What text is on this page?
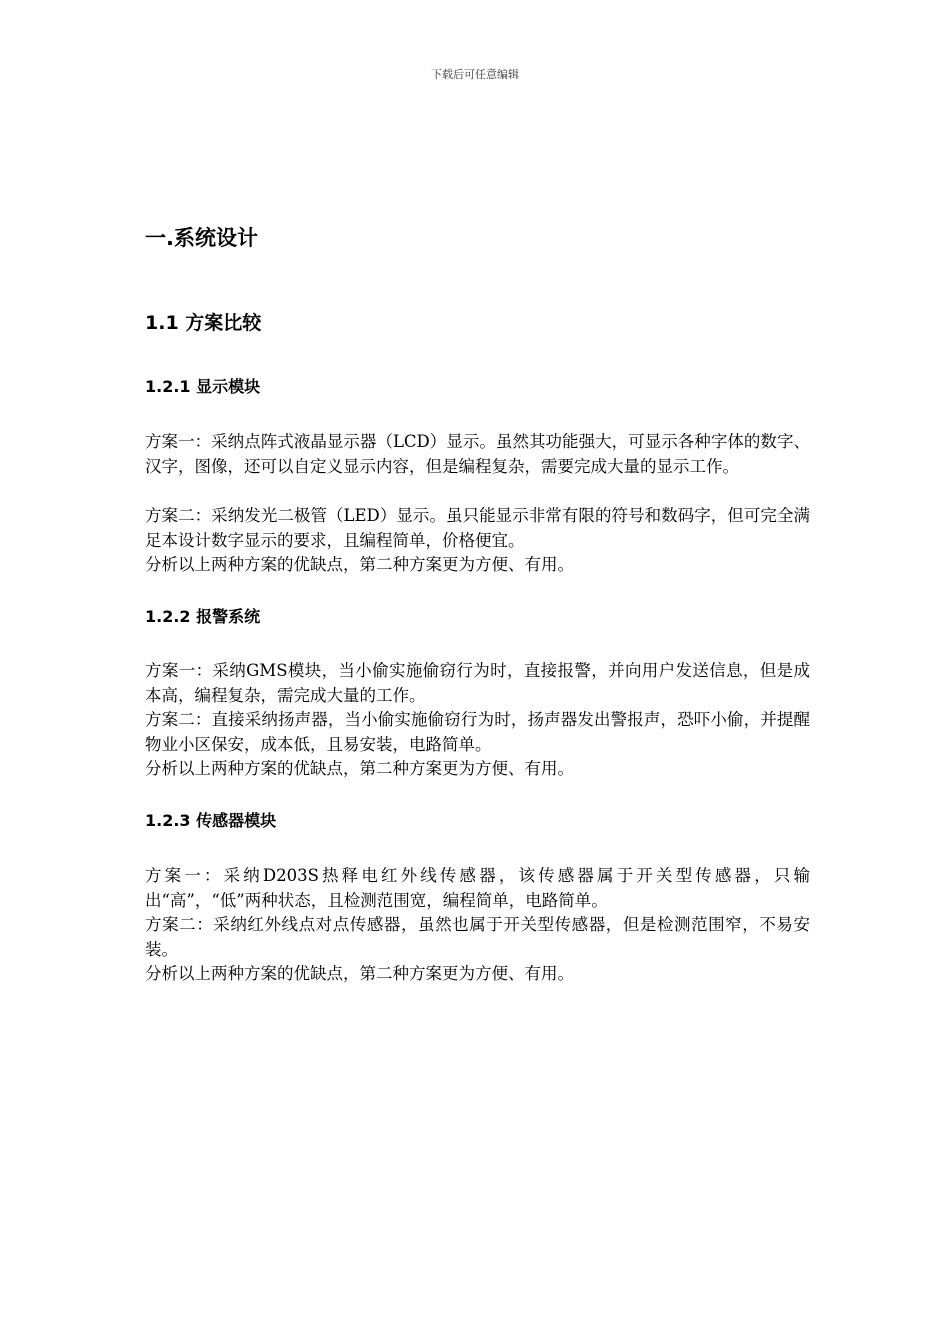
下载后可任意编辑
一.系统设计
1.1 方案比较
1.2.1 显示模块

方案一：采纳点阵式液晶显示器（LCD）显示。虽然其功能强大，可显示各种字体的数字、汉字，图像，还可以自定义显示内容，但是编程复杂，需要完成大量的显示工作。

方案二：采纳发光二极管（LED）显示。虽只能显示非常有限的符号和数码字，但可完全满足本设计数字显示的要求，且编程简单，价格便宜。

分析以上两种方案的优缺点，第二种方案更为方便、有用。

1.2.2 报警系统

方案一：采纳GMS模块，当小偷实施偷窃行为时，直接报警，并向用户发送信息，但是成本高，编程复杂，需完成大量的工作。

方案二：直接采纳扬声器，当小偷实施偷窃行为时，扬声器发出警报声，恐吓小偷，并提醒物业小区保安，成本低，且易安装，电路简单。

分析以上两种方案的优缺点，第二种方案更为方便、有用。

1.2.3 传感器模块

方案一：采纳D203S热释电红外线传感器，该传感器属于开关型传感器，只输出“高”，“低”两种状态，且检测范围宽，编程简单，电路简单。

方案二：采纳红外线点对点传感器，虽然也属于开关型传感器，但是检测范围窄，不易安装。

分析以上两种方案的优缺点，第二种方案更为方便、有用。
